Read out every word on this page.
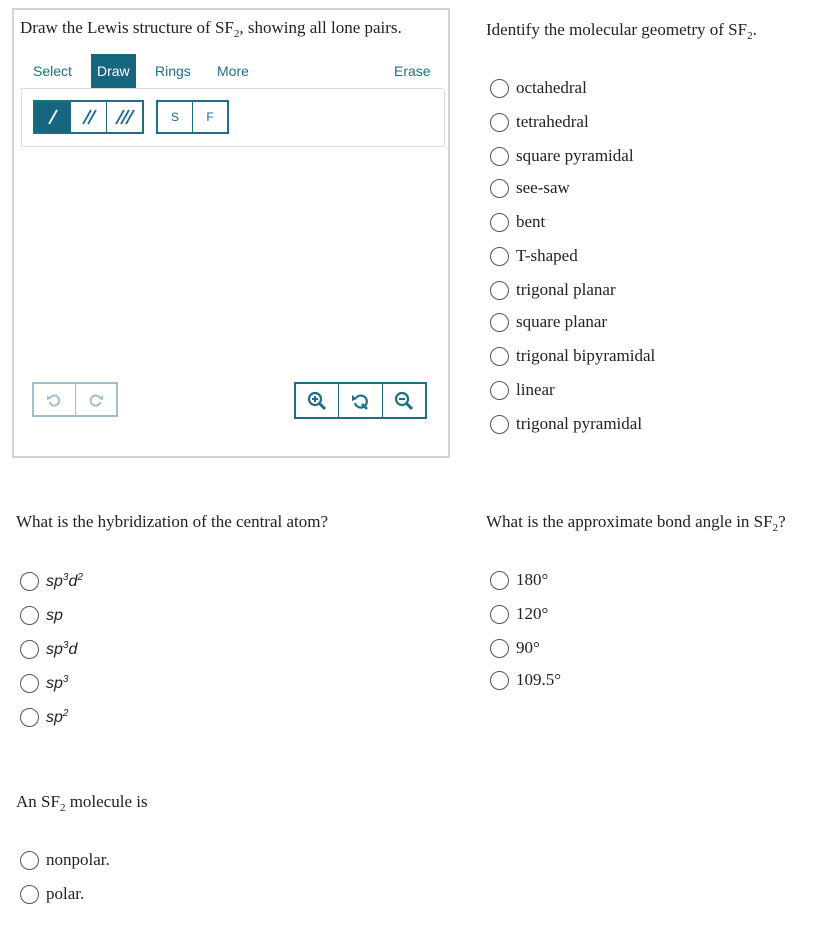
Draw the Lewis structure of $SF_2$, showing all lone pairs.
Select	Draw	Rings	More	Erase
S	F
Identify the molecular geometry of $SF_2$.
octahedral
tetrahedral
square pyramidal
see-saw
bent
T-shaped
trigonal planar
square planar
trigonal bipyramidal
linear
trigonal pyramidal
What is the hybridization of the central atom?
$sp^3d^2$
sp
$sp^3d$
$sp^3$
$sp^2$
What is the approximate bond angle in $SF_2$?
180°
120°
90°
109.5°
An $SF_2$ molecule is
nonpolar.
polar.
